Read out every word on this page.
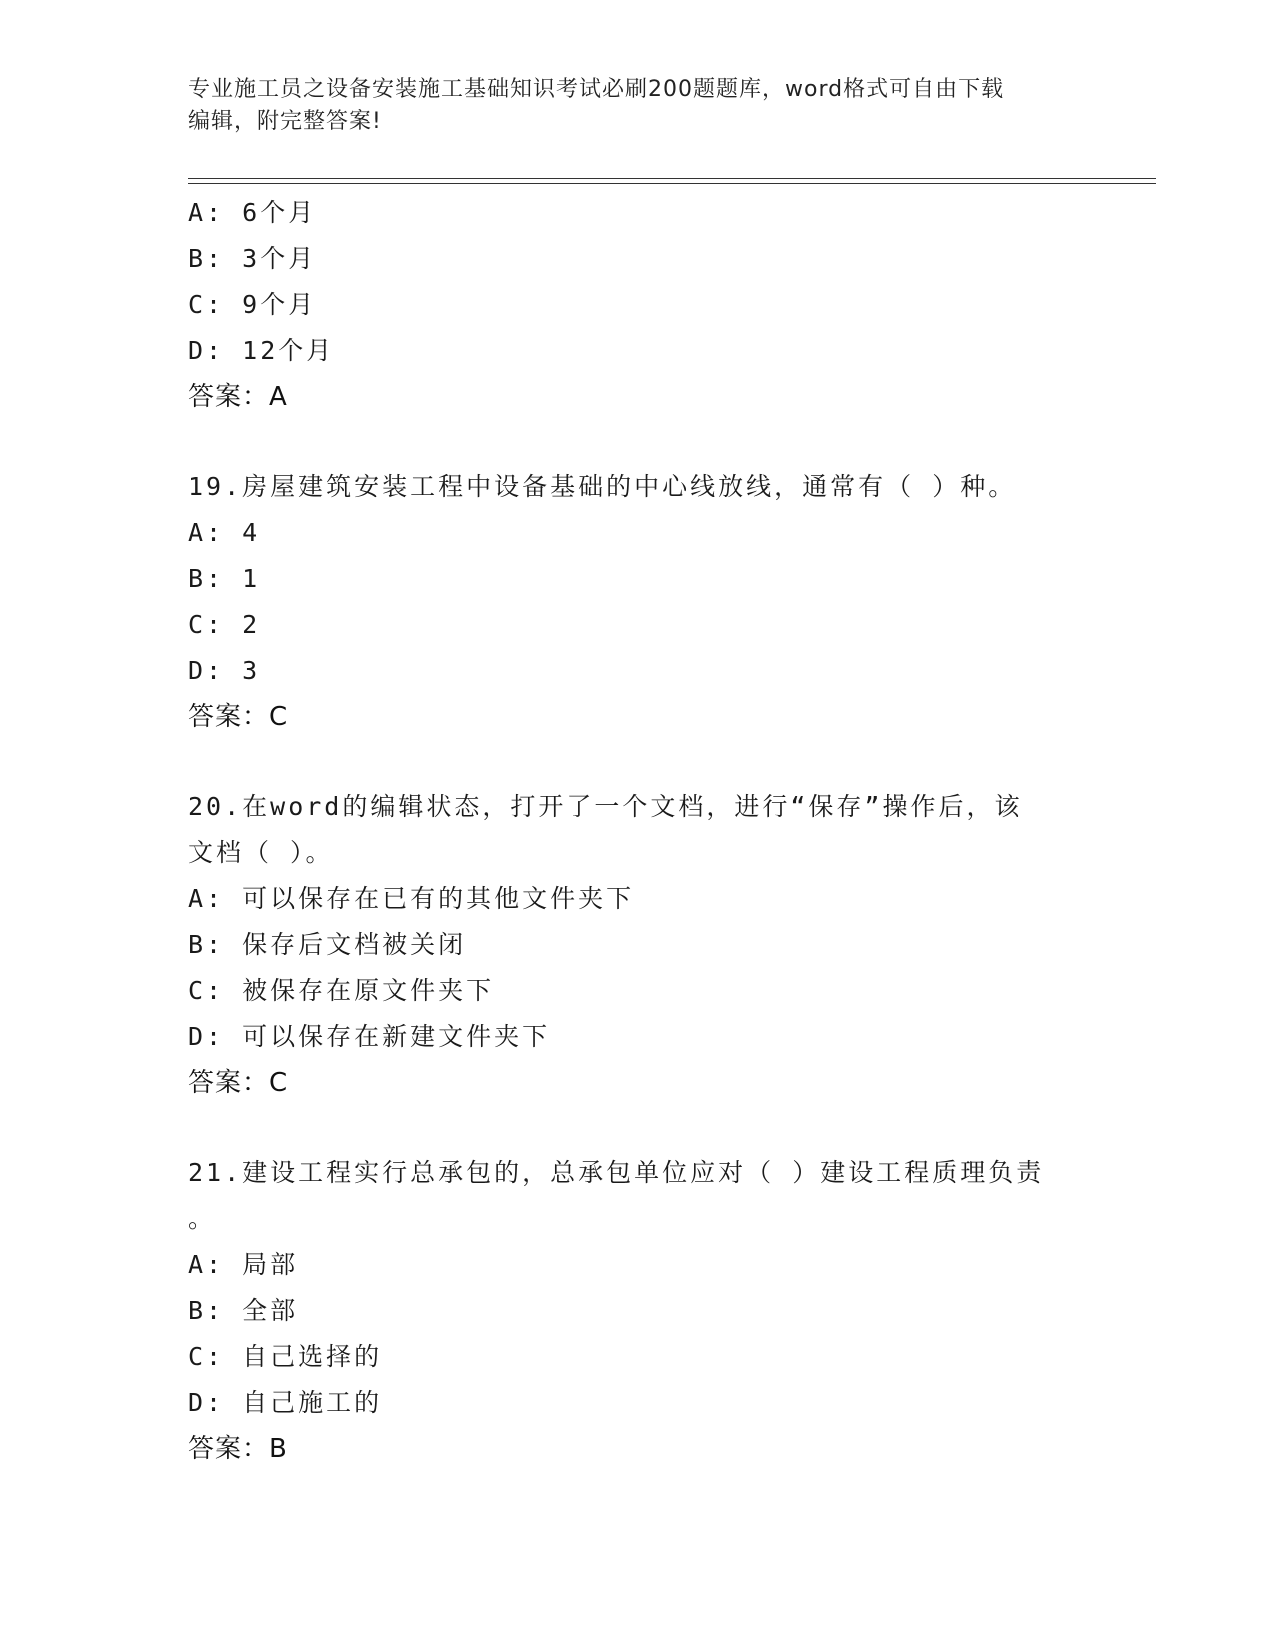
专业施工员之设备安装施工基础知识考试必刷200题题库，word格式可自由下载
编辑，附完整答案!
A: 6个月
B: 3个月
C: 9个月
D: 12个月
答案：A
19.房屋建筑安装工程中设备基础的中心线放线，通常有（ ）种。
A: 4
B: 1
C: 2
D: 3
答案：C
20.在word的编辑状态，打开了一个文档，进行“保存”操作后，该
文档（ ）。
A: 可以保存在已有的其他文件夹下
B: 保存后文档被关闭
C: 被保存在原文件夹下
D: 可以保存在新建文件夹下
答案：C
21.建设工程实行总承包的，总承包单位应对（ ）建设工程质理负责
。
A: 局部
B: 全部
C: 自己选择的
D: 自己施工的
答案：B
